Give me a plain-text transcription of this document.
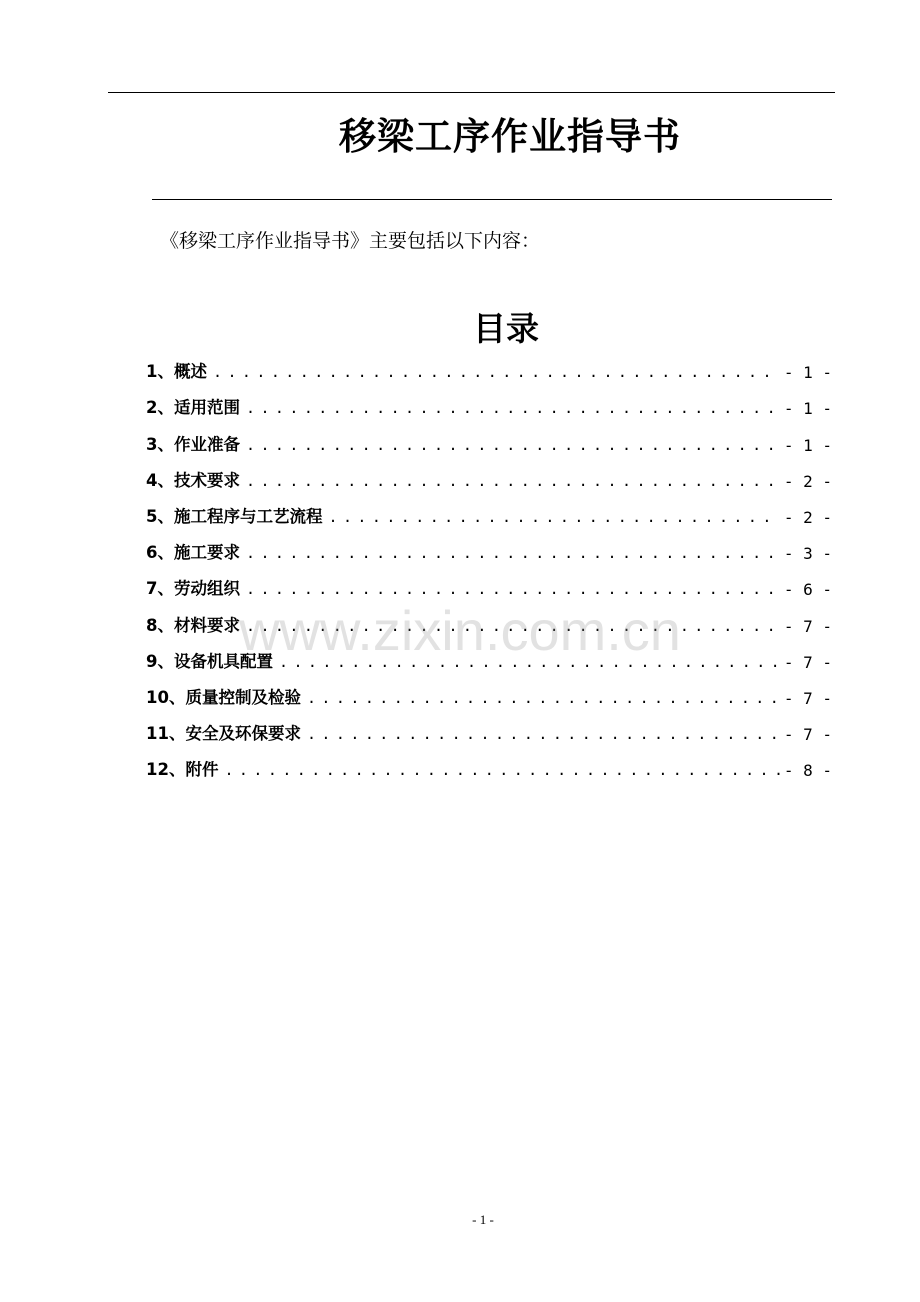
移梁工序作业指导书
《移梁工序作业指导书》主要包括以下内容：
目录
1、概述 . . .	- 1 -
2、适用范围 . . .	- 1 -
3、作业准备 . . .	- 1 -
4、技术要求 . . .	- 2 -
5、施工程序与工艺流程 . . .	- 2 -
6、施工要求 . . .	- 3 -
7、劳动组织 . . .	- 6 -
8、材料要求 . . .	- 7 -
9、设备机具配置 . . .	- 7 -
10、质量控制及检验 . . .	- 7 -
11、安全及环保要求 . . .	- 7 -
12、附件 . . .	- 8 -
www.zixin.com.cn
- 1 -
